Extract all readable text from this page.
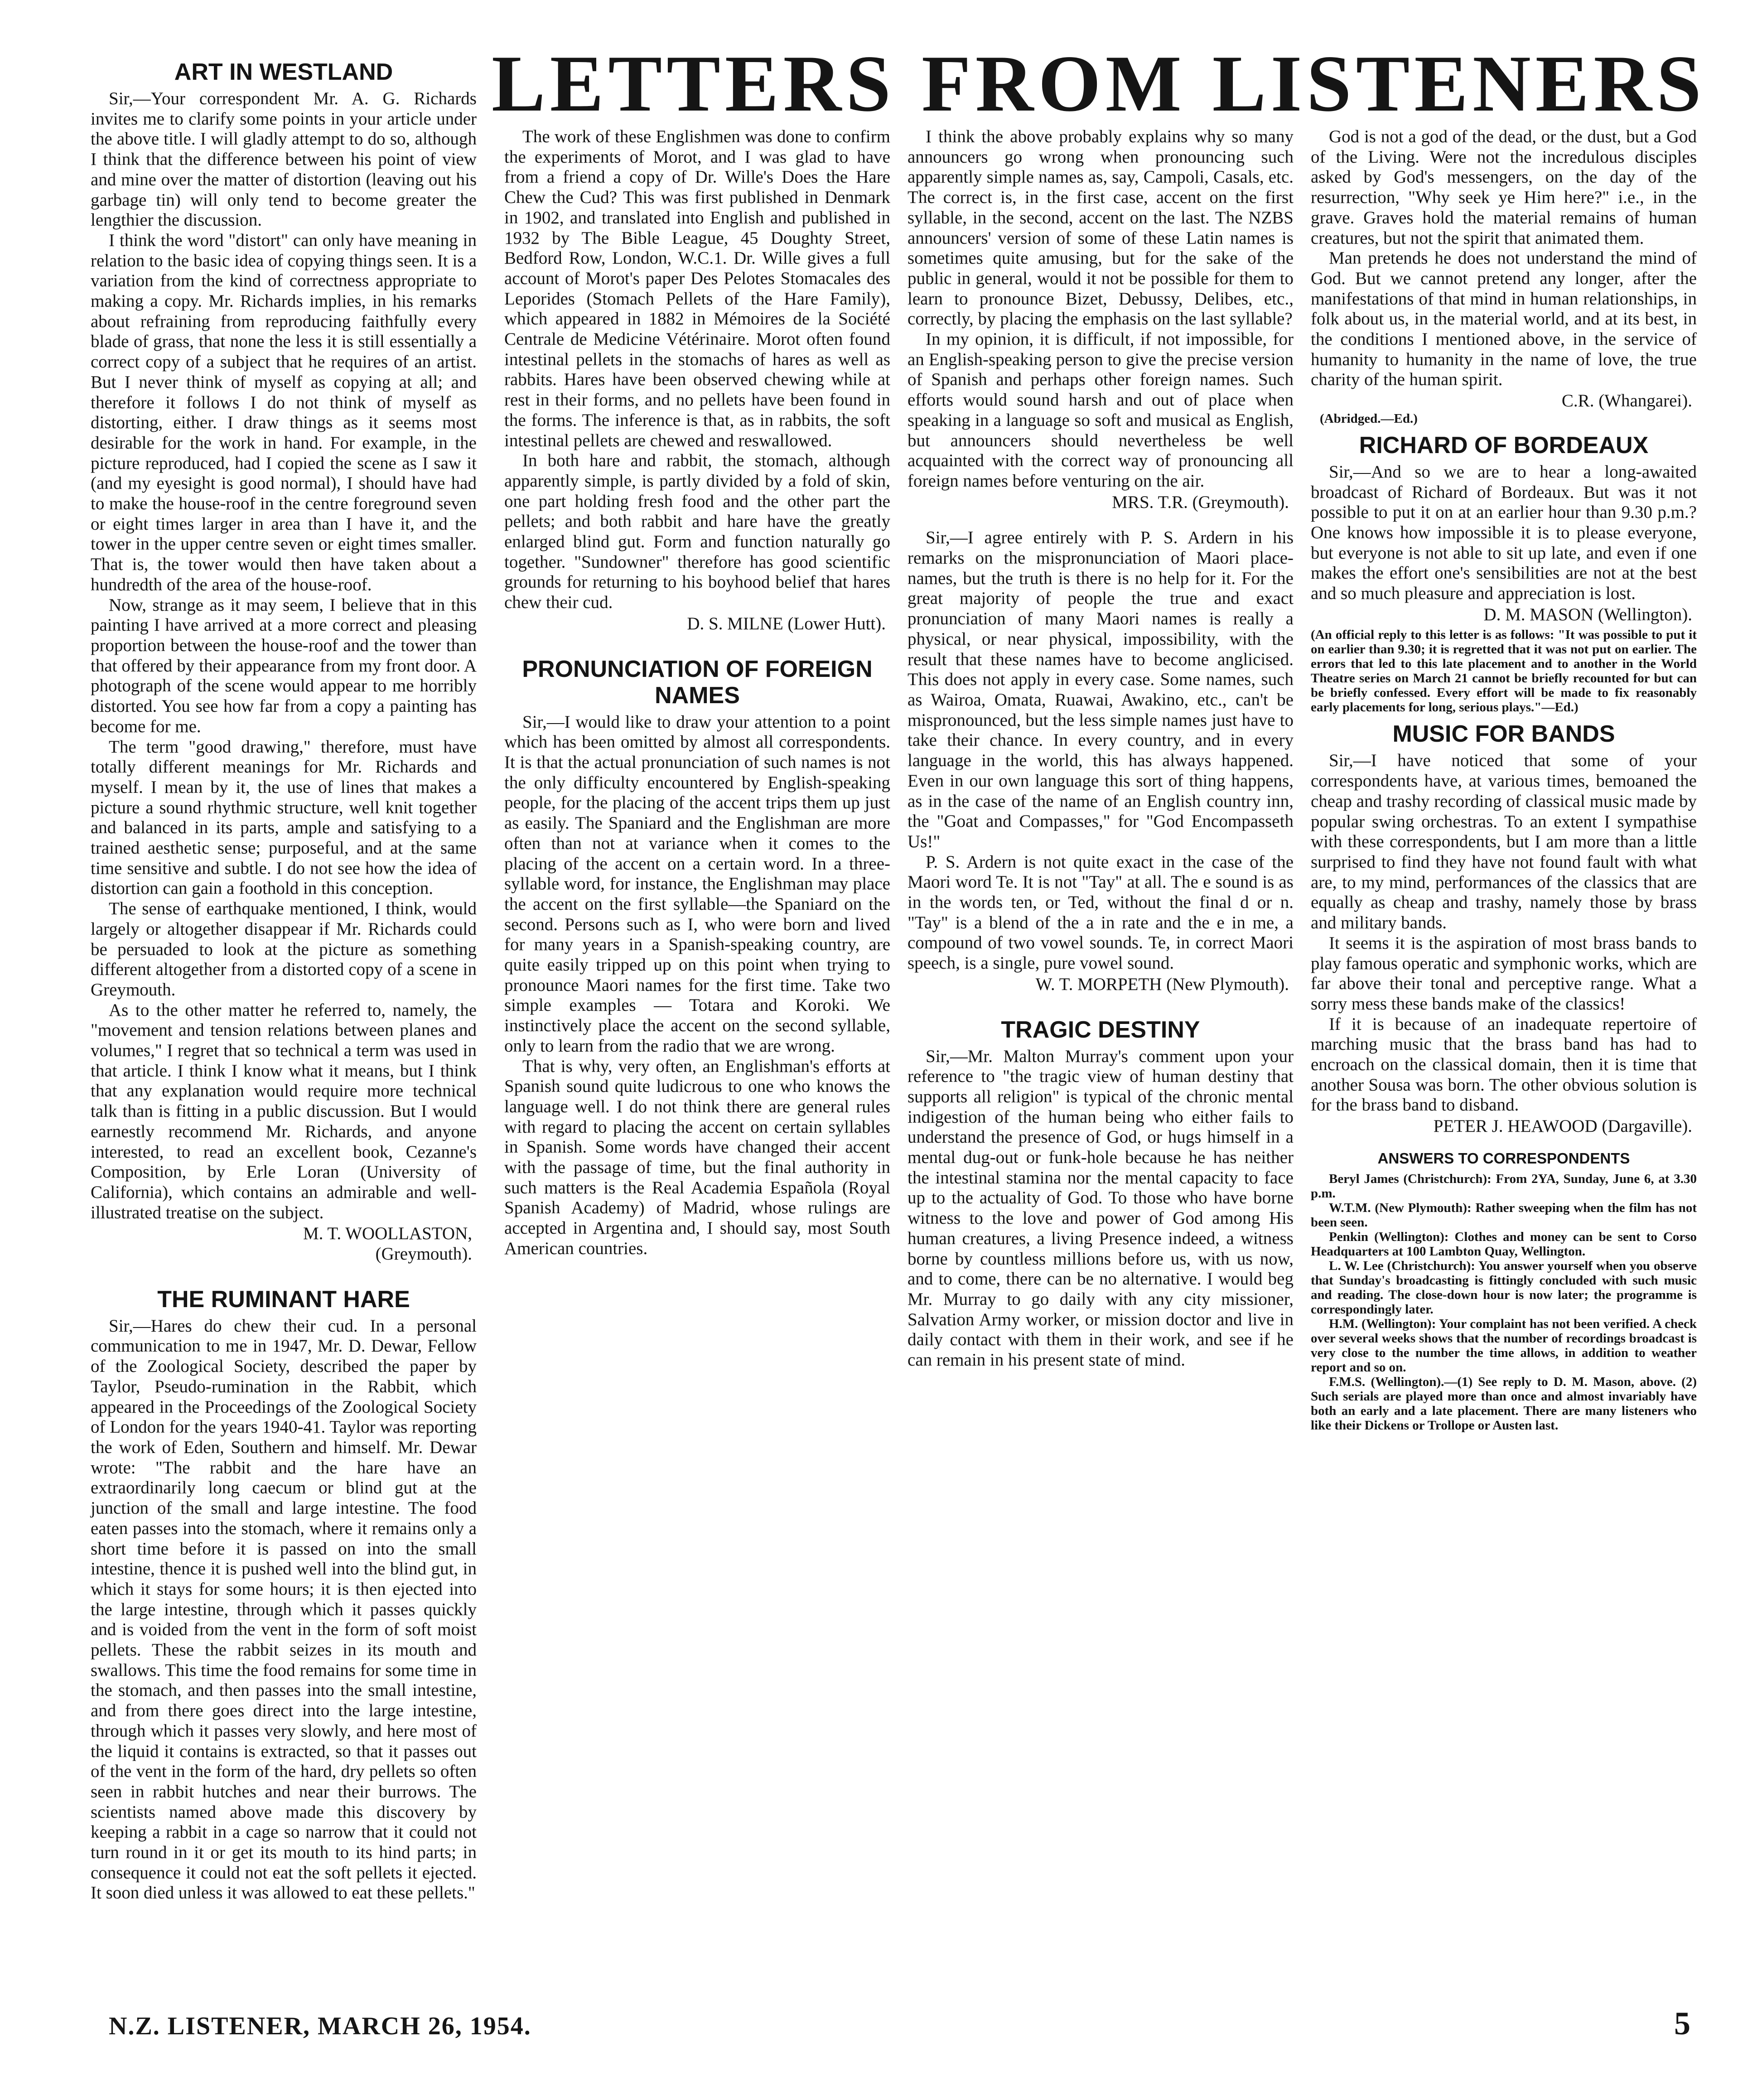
LETTERS FROM LISTENERS
ART IN WESTLAND

Sir,—Your correspondent Mr. A. G. Richards invites me to clarify some points in your article under the above title. I will gladly attempt to do so, although I think that the difference between his point of view and mine over the matter of distortion (leaving out his garbage tin) will only tend to become greater the lengthier the discussion.

I think the word "distort" can only have meaning in relation to the basic idea of copying things seen. It is a variation from the kind of correctness appropriate to making a copy. Mr. Richards implies, in his remarks about refraining from reproducing faithfully every blade of grass, that none the less it is still essentially a correct copy of a subject that he requires of an artist. But I never think of myself as copying at all; and therefore it follows I do not think of myself as distorting, either. I draw things as it seems most desirable for the work in hand. For example, in the picture reproduced, had I copied the scene as I saw it (and my eyesight is good normal), I should have had to make the house-roof in the centre foreground seven or eight times larger in area than I have it, and the tower in the upper centre seven or eight times smaller. That is, the tower would then have taken about a hundredth of the area of the house-roof.

Now, strange as it may seem, I believe that in this painting I have arrived at a more correct and pleasing proportion between the house-roof and the tower than that offered by their appearance from my front door. A photograph of the scene would appear to me horribly distorted. You see how far from a copy a painting has become for me.

The term "good drawing," therefore, must have totally different meanings for Mr. Richards and myself. I mean by it, the use of lines that makes a picture a sound rhythmic structure, well knit together and balanced in its parts, ample and satisfying to a trained aesthetic sense; purposeful, and at the same time sensitive and subtle. I do not see how the idea of distortion can gain a foothold in this conception.

The sense of earthquake mentioned, I think, would largely or altogether disappear if Mr. Richards could be persuaded to look at the picture as something different altogether from a distorted copy of a scene in Greymouth.

As to the other matter he referred to, namely, the "movement and tension relations between planes and volumes," I regret that so technical a term was used in that article. I think I know what it means, but I think that any explanation would require more technical talk than is fitting in a public discussion. But I would earnestly recommend Mr. Richards, and anyone interested, to read an excellent book, Cezanne's Composition, by Erle Loran (University of California), which contains an admirable and well-illustrated treatise on the subject.

M. T. WOOLLASTON,
(Greymouth).
THE RUMINANT HARE

Sir,—Hares do chew their cud. In a personal communication to me in 1947, Mr. D. Dewar, Fellow of the Zoological Society, described the paper by Taylor, Pseudo-rumination in the Rabbit, which appeared in the Proceedings of the Zoological Society of London for the years 1940-41. Taylor was reporting the work of Eden, Southern and himself. Mr. Dewar wrote: "The rabbit and the hare have an extraordinarily long caecum or blind gut at the junction of the small and large intestine. The food eaten passes into the stomach, where it remains only a short time before it is passed on into the small intestine, thence it is pushed well into the blind gut, in which it stays for some hours; it is then ejected into the large intestine, through which it passes quickly and is voided from the vent in the form of soft moist pellets. These the rabbit seizes in its mouth and swallows. This time the food remains for some time in the stomach, and then passes into the small intestine, and from there goes direct into the large intestine, through which it passes very slowly, and here most of the liquid it contains is extracted, so that it passes out of the vent in the form of the hard, dry pellets so often seen in rabbit hutches and near their burrows. The scientists named above made this discovery by keeping a rabbit in a cage so narrow that it could not turn round in it or get its mouth to its hind parts; in consequence it could not eat the soft pellets it ejected. It soon died unless it was allowed to eat these pellets."

The work of these Englishmen was done to confirm the experiments of Morot, and I was glad to have from a friend a copy of Dr. Wille's Does the Hare Chew the Cud? This was first published in Denmark in 1902, and translated into English and published in 1932 by The Bible League, 45 Doughty Street, Bedford Row, London, W.C.1. Dr. Wille gives a full account of Morot's paper Des Pelotes Stomacales des Leporides (Stomach Pellets of the Hare Family), which appeared in 1882 in Mémoires de la Société Centrale de Medicine Vétérinaire. Morot often found intestinal pellets in the stomachs of hares as well as rabbits. Hares have been observed chewing while at rest in their forms, and no pellets have been found in the forms. The inference is that, as in rabbits, the soft intestinal pellets are chewed and reswallowed.

In both hare and rabbit, the stomach, although apparently simple, is partly divided by a fold of skin, one part holding fresh food and the other part the pellets; and both rabbit and hare have the greatly enlarged blind gut. Form and function naturally go together. "Sundowner" therefore has good scientific grounds for returning to his boyhood belief that hares chew their cud.

D. S. MILNE (Lower Hutt).
PRONUNCIATION OF FOREIGN NAMES

Sir,—I would like to draw your attention to a point which has been omitted by almost all correspondents. It is that the actual pronunciation of such names is not the only difficulty encountered by English-speaking people, for the placing of the accent trips them up just as easily. The Spaniard and the Englishman are more often than not at variance when it comes to the placing of the accent on a certain word. In a three-syllable word, for instance, the Englishman may place the accent on the first syllable—the Spaniard on the second. Persons such as I, who were born and lived for many years in a Spanish-speaking country, are quite easily tripped up on this point when trying to pronounce Maori names for the first time. Take two simple examples — Totara and Koroki. We instinctively place the accent on the second syllable, only to learn from the radio that we are wrong.

That is why, very often, an Englishman's efforts at Spanish sound quite ludicrous to one who knows the language well. I do not think there are general rules with regard to placing the accent on certain syllables in Spanish. Some words have changed their accent with the passage of time, but the final authority in such matters is the Real Academia Española (Royal Spanish Academy) of Madrid, whose rulings are accepted in Argentina and, I should say, most South American countries.

I think the above probably explains why so many announcers go wrong when pronouncing such apparently simple names as, say, Campoli, Casals, etc. The correct is, in the first case, accent on the first syllable, in the second, accent on the last. The NZBS announcers' version of some of these Latin names is sometimes quite amusing, but for the sake of the public in general, would it not be possible for them to learn to pronounce Bizet, Debussy, Delibes, etc., correctly, by placing the emphasis on the last syllable?

In my opinion, it is difficult, if not impossible, for an English-speaking person to give the precise version of Spanish and perhaps other foreign names. Such efforts would sound harsh and out of place when speaking in a language so soft and musical as English, but announcers should nevertheless be well acquainted with the correct way of pronouncing all foreign names before venturing on the air.

MRS. T.R. (Greymouth).

Sir,—I agree entirely with P. S. Ardern in his remarks on the mispronunciation of Maori place-names, but the truth is there is no help for it. For the great majority of people the true and exact pronunciation of many Maori names is really a physical, or near physical, impossibility, with the result that these names have to become anglicised. This does not apply in every case. Some names, such as Wairoa, Omata, Ruawai, Awakino, etc., can't be mispronounced, but the less simple names just have to take their chance. In every country, and in every language in the world, this has always happened. Even in our own language this sort of thing happens, as in the case of the name of an English country inn, the "Goat and Compasses," for "God Encompasseth Us!"

P. S. Ardern is not quite exact in the case of the Maori word Te. It is not "Tay" at all. The e sound is as in the words ten, or Ted, without the final d or n. "Tay" is a blend of the a in rate and the e in me, a compound of two vowel sounds. Te, in correct Maori speech, is a single, pure vowel sound.

W. T. MORPETH (New Plymouth).
TRAGIC DESTINY

Sir,—Mr. Malton Murray's comment upon your reference to "the tragic view of human destiny that supports all religion" is typical of the chronic mental indigestion of the human being who either fails to understand the presence of God, or hugs himself in a mental dug-out or funk-hole because he has neither the intestinal stamina nor the mental capacity to face up to the actuality of God. To those who have borne witness to the love and power of God among His human creatures, a living Presence indeed, a witness borne by countless millions before us, with us now, and to come, there can be no alternative. I would beg Mr. Murray to go daily with any city missioner, Salvation Army worker, or mission doctor and live in daily contact with them in their work, and see if he can remain in his present state of mind.

God is not a god of the dead, or the dust, but a God of the Living. Were not the incredulous disciples asked by God's messengers, on the day of the resurrection, "Why seek ye Him here?" i.e., in the grave. Graves hold the material remains of human creatures, but not the spirit that animated them.

Man pretends he does not understand the mind of God. But we cannot pretend any longer, after the manifestations of that mind in human relationships, in folk about us, in the material world, and at its best, in the conditions I mentioned above, in the service of humanity to humanity in the name of love, the true charity of the human spirit.

C.R. (Whangarei).
(Abridged.—Ed.)
RICHARD OF BORDEAUX

Sir,—And so we are to hear a long-awaited broadcast of Richard of Bordeaux. But was it not possible to put it on at an earlier hour than 9.30 p.m.? One knows how impossible it is to please everyone, but everyone is not able to sit up late, and even if one makes the effort one's sensibilities are not at the best and so much pleasure and appreciation is lost.

D. M. MASON (Wellington).
(An official reply to this letter is as follows: "It was possible to put it on earlier than 9.30; it is regretted that it was not put on earlier. The errors that led to this late placement and to another in the World Theatre series on March 21 cannot be briefly recounted for but can be briefly confessed. Every effort will be made to fix reasonably early placements for long, serious plays."—Ed.)
MUSIC FOR BANDS

Sir,—I have noticed that some of your correspondents have, at various times, bemoaned the cheap and trashy recording of classical music made by popular swing orchestras. To an extent I sympathise with these correspondents, but I am more than a little surprised to find they have not found fault with what are, to my mind, performances of the classics that are equally as cheap and trashy, namely those by brass and military bands.

It seems it is the aspiration of most brass bands to play famous operatic and symphonic works, which are far above their tonal and perceptive range. What a sorry mess these bands make of the classics!

If it is because of an inadequate repertoire of marching music that the brass band has had to encroach on the classical domain, then it is time that another Sousa was born. The other obvious solution is for the brass band to disband.

PETER J. HEAWOOD (Dargaville).
ANSWERS TO CORRESPONDENTS

Beryl James (Christchurch): From 2YA, Sunday, June 6, at 3.30 p.m.

W.T.M. (New Plymouth): Rather sweeping when the film has not been seen.

Penkin (Wellington): Clothes and money can be sent to Corso Headquarters at 100 Lambton Quay, Wellington.

L. W. Lee (Christchurch): You answer yourself when you observe that Sunday's broadcasting is fittingly concluded with such music and reading. The close-down hour is now later; the programme is correspondingly later.

H.M. (Wellington): Your complaint has not been verified. A check over several weeks shows that the number of recordings broadcast is very close to the number the time allows, in addition to weather report and so on.

F.M.S. (Wellington).—(1) See reply to D. M. Mason, above. (2) Such serials are played more than once and almost invariably have both an early and a late placement. There are many listeners who like their Dickens or Trollope or Austen last.

N.Z. LISTENER, MARCH 26, 1954.	5
